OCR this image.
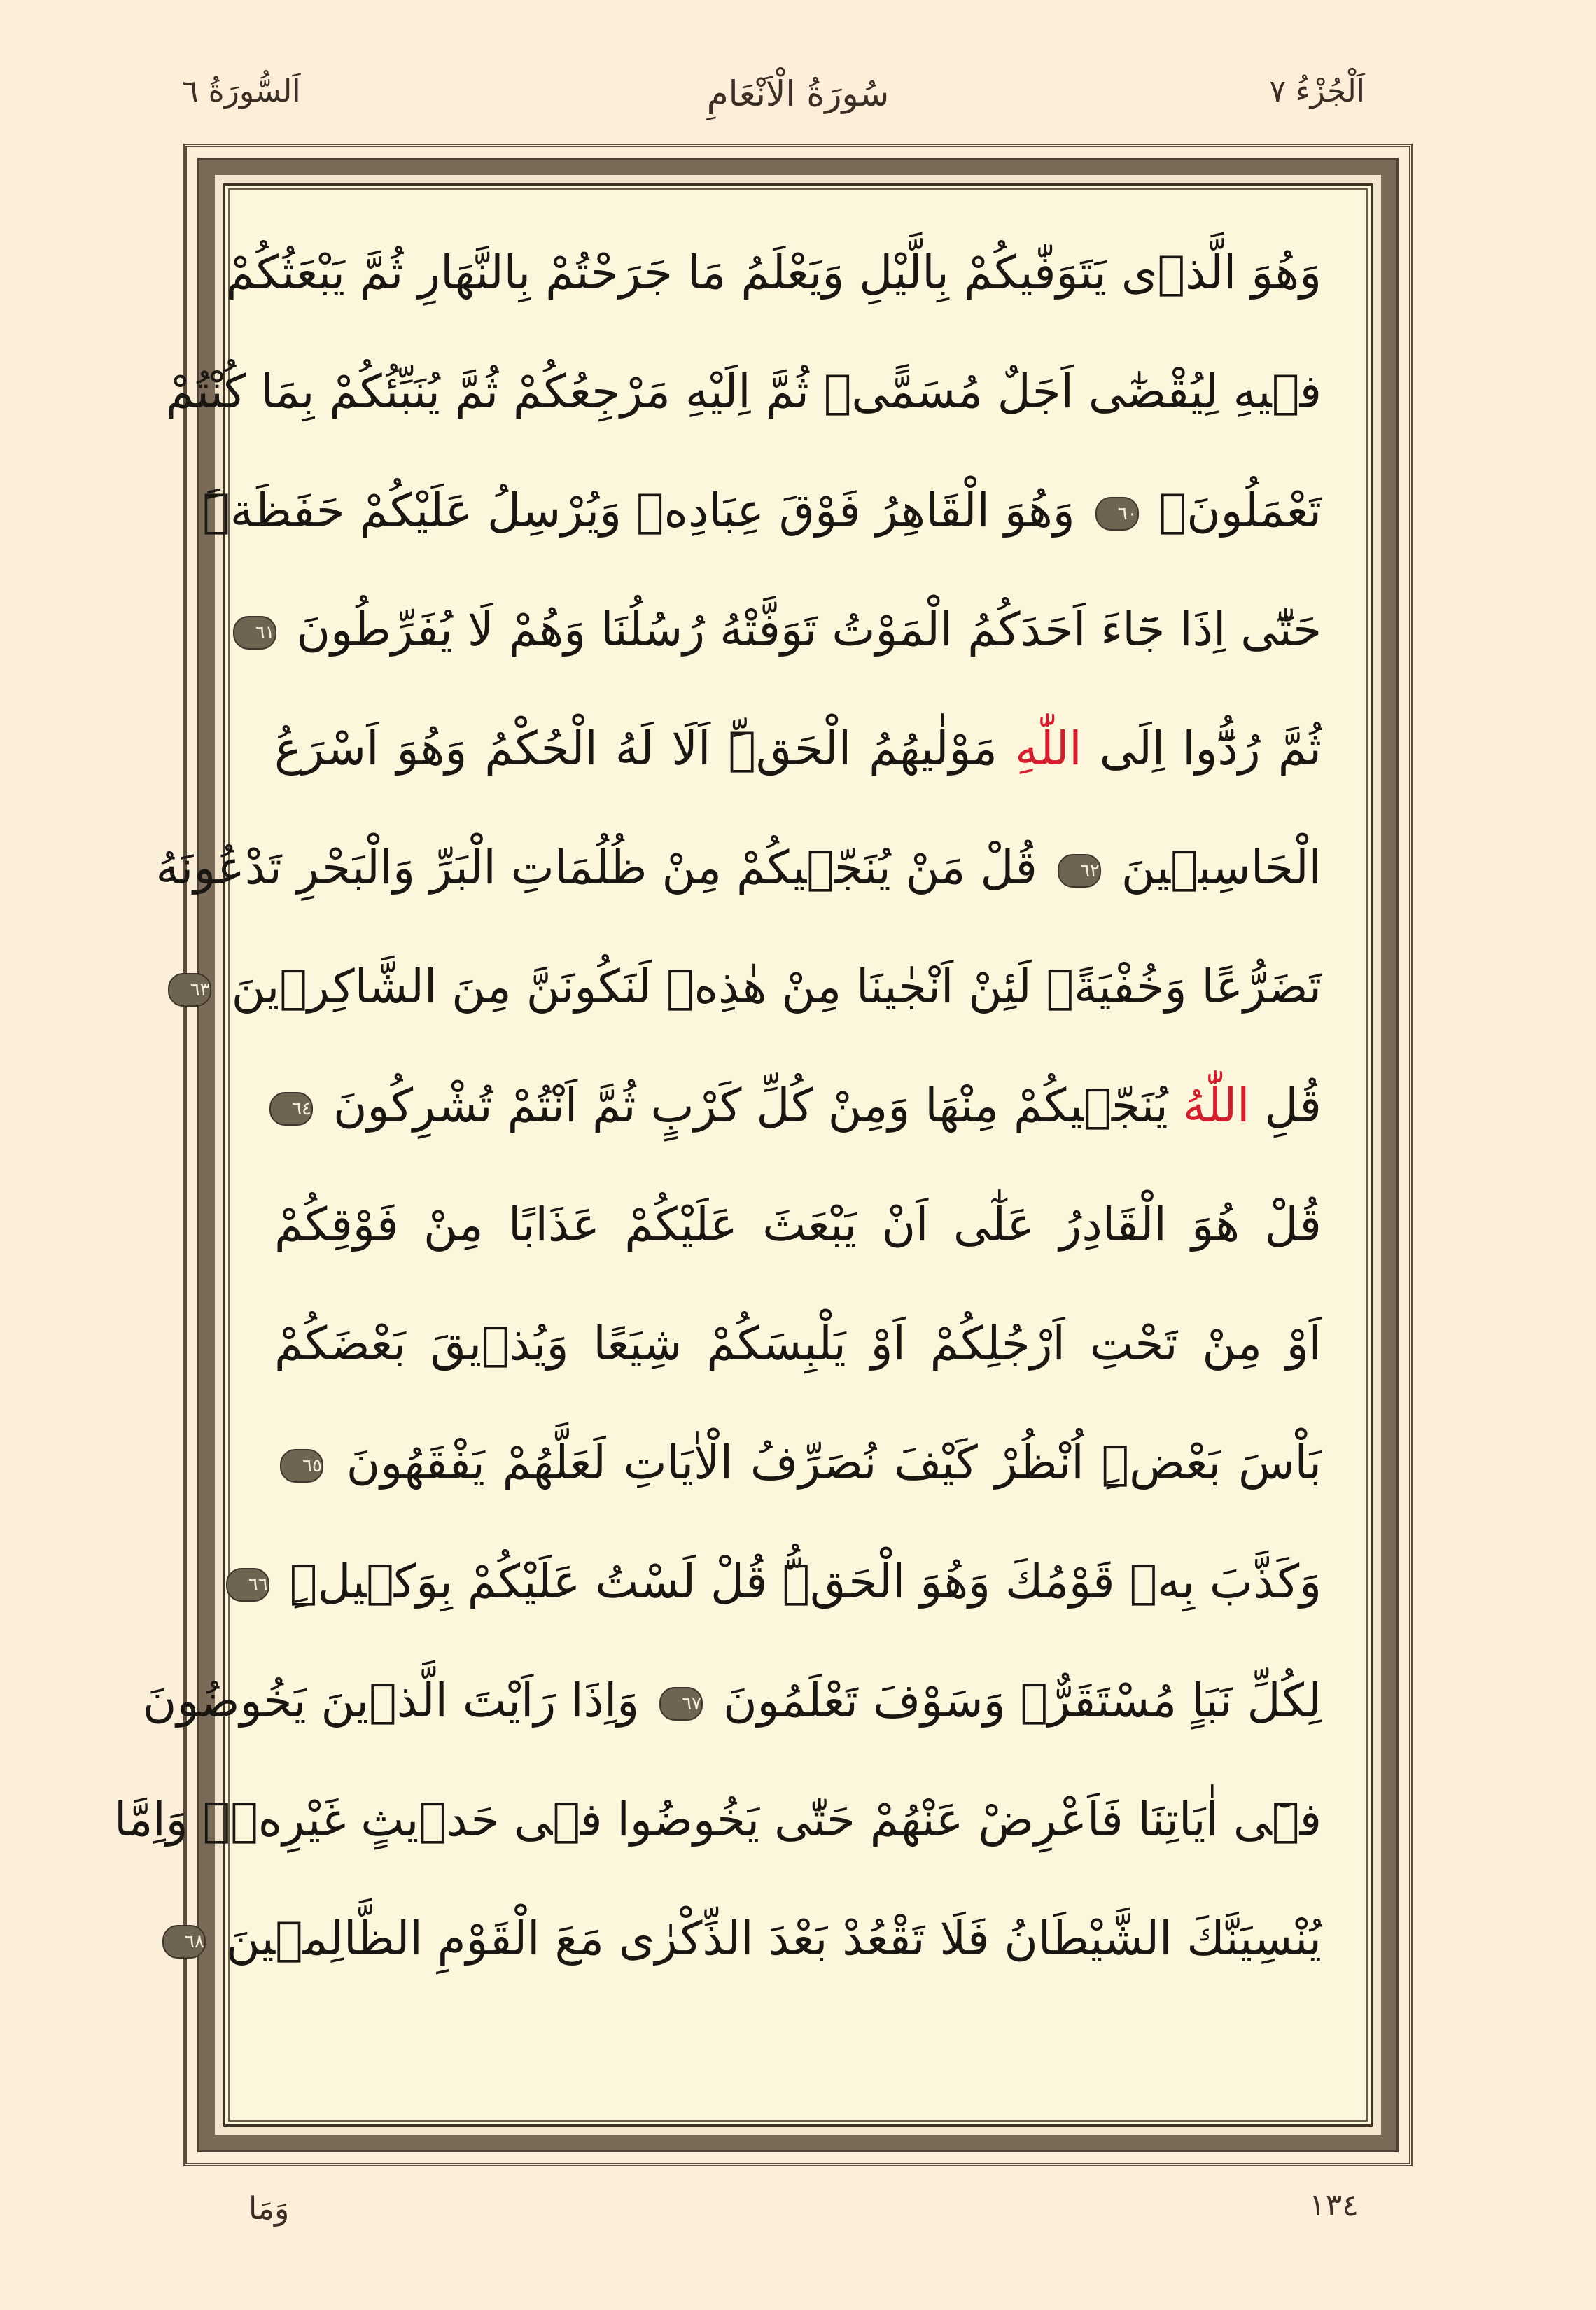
اَلْجُزْءُ ٧
سُورَةُ الْاَنْعَامِ
اَلسُّورَةُ ٦
وَهُوَ الَّذٖى يَتَوَفّٰيكُمْ بِالَّيْلِ وَيَعْلَمُ مَا جَرَحْتُمْ بِالنَّهَارِ ثُمَّ يَبْعَثُكُمْ
فٖيهِ لِيُقْضٰٓى اَجَلٌ مُسَمًّىۚ ثُمَّ اِلَيْهِ مَرْجِعُكُمْ ثُمَّ يُنَبِّئُكُمْ بِمَا كُنْتُمْ
تَعْمَلُونَ۟ ٦٠ وَهُوَ الْقَاهِرُ فَوْقَ عِبَادِهٖ وَيُرْسِلُ عَلَيْكُمْ حَفَظَةًۜ
حَتّٰٓى اِذَا جَٓاءَ اَحَدَكُمُ الْمَوْتُ تَوَفَّتْهُ رُسُلُنَا وَهُمْ لَا يُفَرِّطُونَ ٦١
ثُمَّ رُدُّٓوا اِلَى اللّٰهِ مَوْلٰيهُمُ الْحَقِّۜ اَلَا لَهُ الْحُكْمُ وَهُوَ اَسْرَعُ
الْحَاسِبٖينَ ٦٢ قُلْ مَنْ يُنَجّٖيكُمْ مِنْ ظُلُمَاتِ الْبَرِّ وَالْبَحْرِ تَدْعُونَهُ
تَضَرُّعًا وَخُفْيَةًۚ لَئِنْ اَنْجٰينَا مِنْ هٰذِهٖ لَنَكُونَنَّ مِنَ الشَّاكِرٖينَ ٦٣
قُلِ اللّٰهُ يُنَجّٖيكُمْ مِنْهَا وَمِنْ كُلِّ كَرْبٍ ثُمَّ اَنْتُمْ تُشْرِكُونَ ٦٤
قُلْ هُوَ الْقَادِرُ عَلٰٓى اَنْ يَبْعَثَ عَلَيْكُمْ عَذَابًا مِنْ فَوْقِكُمْ
اَوْ مِنْ تَحْتِ اَرْجُلِكُمْ اَوْ يَلْبِسَكُمْ شِيَعًا وَيُذٖيقَ بَعْضَكُمْ
بَاْسَ بَعْضٍۜ اُنْظُرْ كَيْفَ نُصَرِّفُ الْاٰيَاتِ لَعَلَّهُمْ يَفْقَهُونَ ٦٥
وَكَذَّبَ بِهٖ قَوْمُكَ وَهُوَ الْحَقُّۜ قُلْ لَسْتُ عَلَيْكُمْ بِوَكٖيلٍۜ ٦٦
لِكُلِّ نَبَاٍ مُسْتَقَرٌّۘ وَسَوْفَ تَعْلَمُونَ ٦٧ وَاِذَا رَاَيْتَ الَّذٖينَ يَخُوضُونَ
فٖٓى اٰيَاتِنَا فَاَعْرِضْ عَنْهُمْ حَتّٰى يَخُوضُوا فٖى حَدٖيثٍ غَيْرِهٖۜ وَاِمَّا
يُنْسِيَنَّكَ الشَّيْطَانُ فَلَا تَقْعُدْ بَعْدَ الذِّكْرٰى مَعَ الْقَوْمِ الظَّالِمٖينَ ٦٨
١٣٤
وَمَا
